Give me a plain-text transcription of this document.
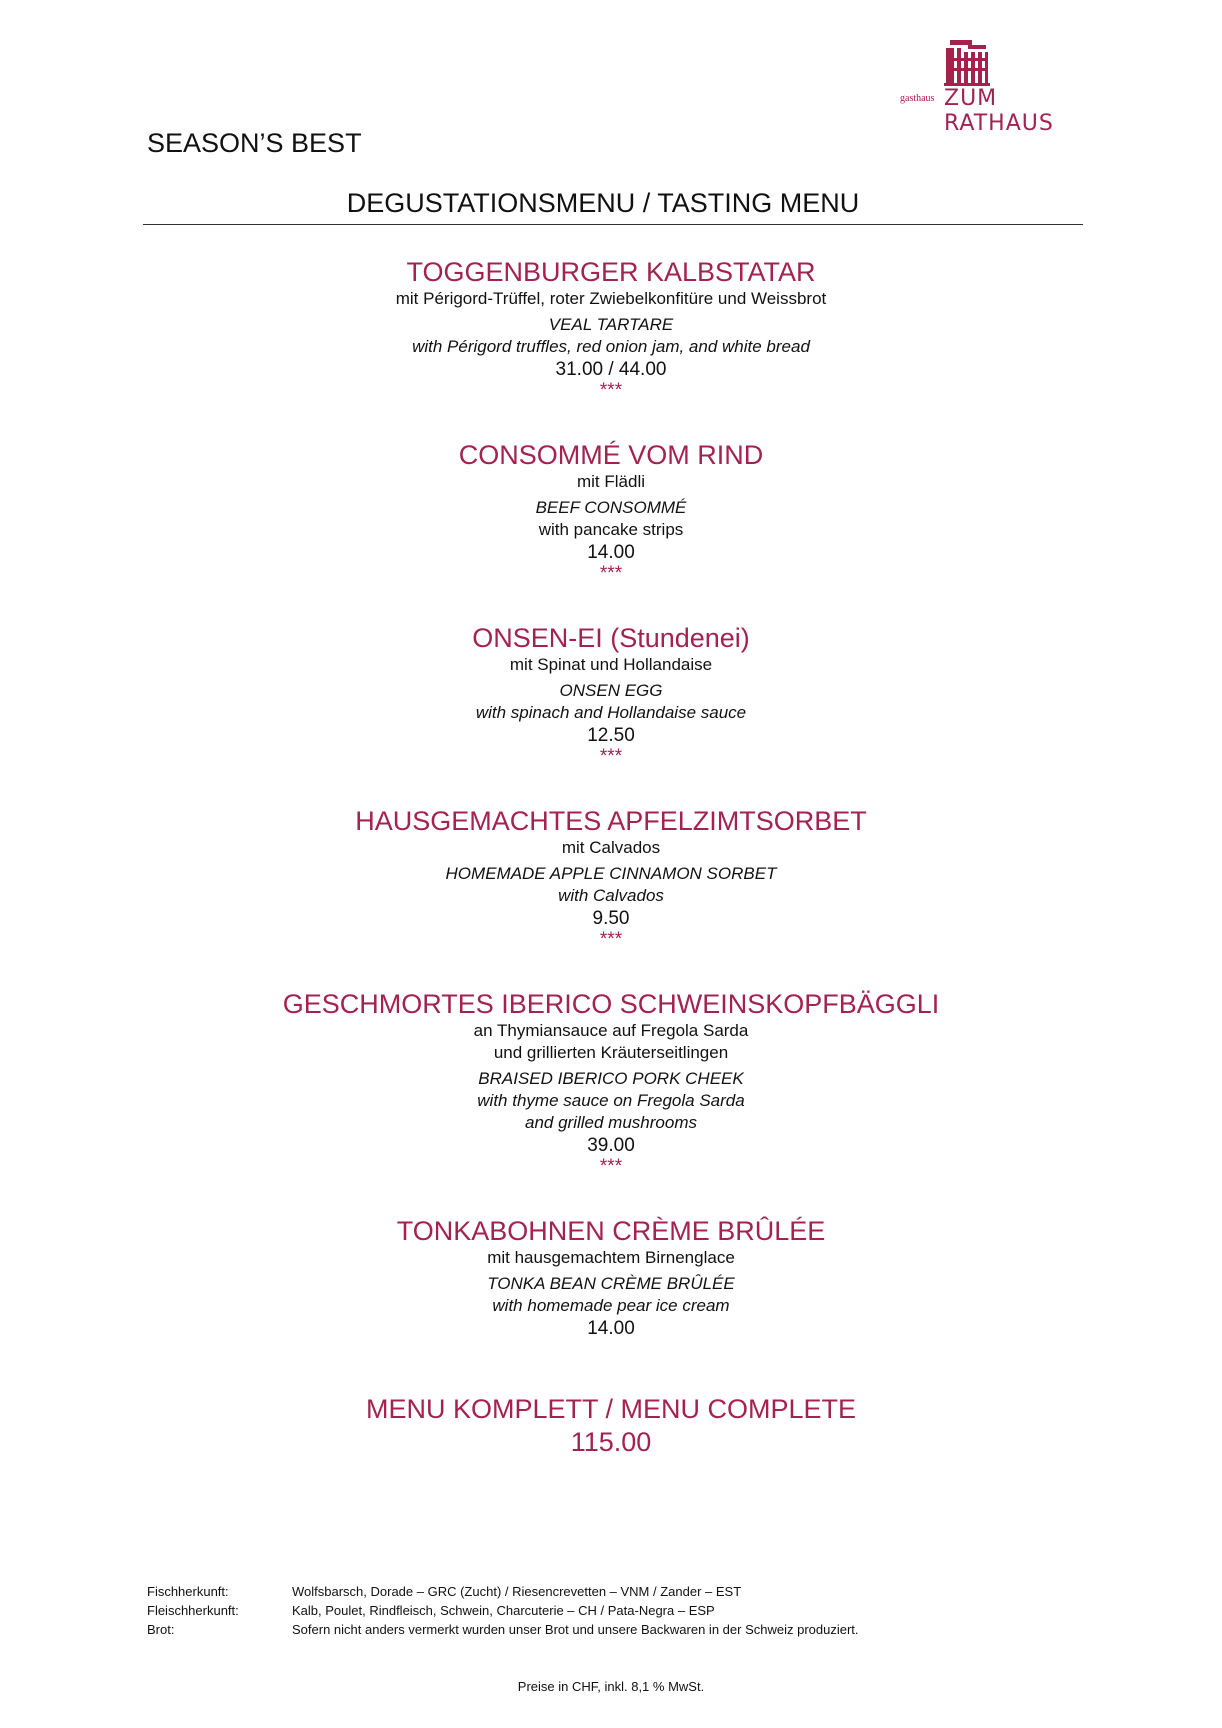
gasthaus ZUM RATHAUS
SEASON’S BEST
DEGUSTATIONSMENU / TASTING MENU
TOGGENBURGER KALBSTATAR
mit Périgord-Trüffel, roter Zwiebelkonfitüre und Weissbrot
VEAL TARTARE
with Périgord truffles, red onion jam, and white bread
31.00 / 44.00
***
CONSOMMÉ VOM RIND
mit Flädli
BEEF CONSOMMÉ
with pancake strips
14.00
***
ONSEN-EI (Stundenei)
mit Spinat und Hollandaise
ONSEN EGG
with spinach and Hollandaise sauce
12.50
***
HAUSGEMACHTES APFELZIMTSORBET
mit Calvados
HOMEMADE APPLE CINNAMON SORBET
with Calvados
9.50
***
GESCHMORTES IBERICO SCHWEINSKOPFBÄGGLI
an Thymiansauce auf Fregola Sarda
und grillierten Kräuterseitlingen
BRAISED IBERICO PORK CHEEK
with thyme sauce on Fregola Sarda
and grilled mushrooms
39.00
***
TONKABOHNEN CRÈME BRÛLÉE
mit hausgemachtem Birnenglace
TONKA BEAN CRÈME BRÛLÉE
with homemade pear ice cream
14.00
MENU KOMPLETT / MENU COMPLETE
115.00
Fischherkunft:	Wolfsbarsch, Dorade – GRC (Zucht) / Riesencrevetten – VNM / Zander – EST
Fleischherkunft:	Kalb, Poulet, Rindfleisch, Schwein, Charcuterie – CH / Pata-Negra – ESP
Brot:	Sofern nicht anders vermerkt wurden unser Brot und unsere Backwaren in der Schweiz produziert.
Preise in CHF, inkl. 8,1 % MwSt.
